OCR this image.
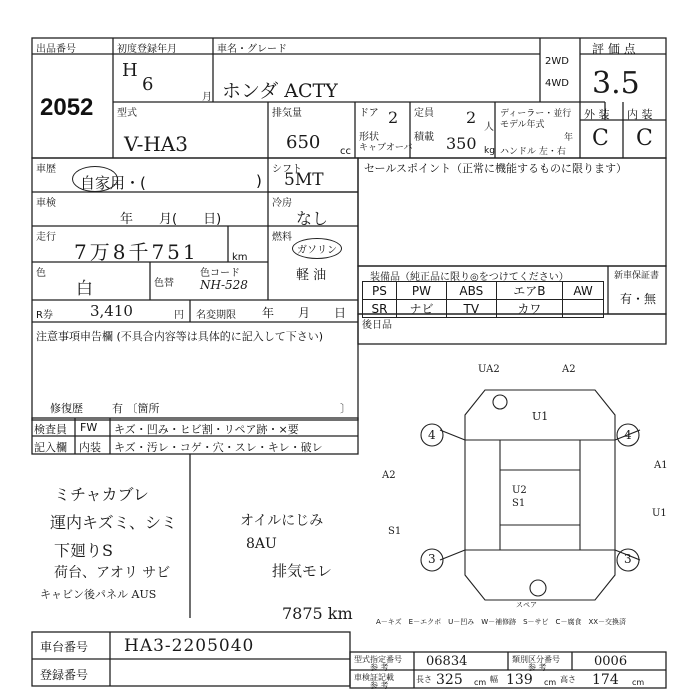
出品番号
2052
初度登録年月
H
6
月
車名・グレード
ホンダ ACTY
2WD
4WD
評 価 点
3.5
型式
V-HA3
排気量
650 cc
ドア 2 定員 2
人
形状
キャブオーバ
積載 350 kg
ディーラー・並行
モデル年式
年
ハンドル 左・右
外 装 内 装
C C
車歴
自家用・(	)
車検
年　　月(　　日)
走行
7万8千751	km
色
白	色替
色コード
NH-528
R券 3,410	円 名変期限 年　　月　　日
注意事項申告欄 (不具合内容等は具体的に記入して下さい)
修復歴	有 〔箇所	〕
シフト
5MT
冷房
なし
燃料
ガソリン
軽 油
セールスポイント（正常に機能するものに限ります）
装備品（純正品に限り◎をつけてください）
PS	PW	ABS	エアB	AW
SR	ナビ	TV	カワ	
新車保証書
有・無
後日品
検査員
記入欄
FW
内装
キズ・凹み・ヒビ割・リペア跡・×要
キズ・汚レ・コゲ・穴・スレ・キレ・破レ
ミチャカブレ
運内キズミ、シミ
下廻りS
荷台、アオリ サビ
キャビン後パネル AUS
オイルにじみ
8AU
排気モレ
7875 km
UA2	A2
U1
A2
U2 S1
A1
U1
S1
4	4
3	3
スペア
A－キズ　E－エクボ　U－凹み　W－補修跡　S－サビ　C－腐食　XX－交換済
車台番号 HA3-2205040
登録番号
型式指定番号
参 考	06834	類別区分番号
参 考	0006
車検証記載
参 考
長さ 325 cm 幅 139 cm 高さ 174 cm
